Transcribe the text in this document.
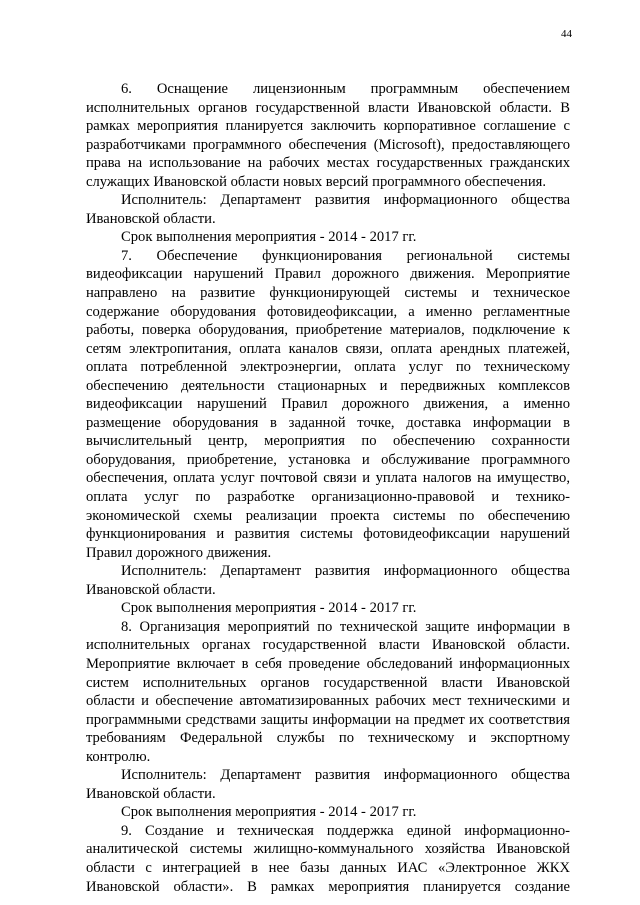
44

6. Оснащение лицензионным программным обеспечением исполнительных органов государственной власти Ивановской области. В рамках мероприятия планируется заключить корпоративное соглашение с разработчиками программного обеспечения (Microsoft), предоставляющего права на использование на рабочих местах государственных гражданских служащих Ивановской области новых версий программного обеспечения.

Исполнитель: Департамент развития информационного общества Ивановской области.

Срок выполнения мероприятия - 2014 - 2017 гг.

7. Обеспечение функционирования региональной системы видеофиксации нарушений Правил дорожного движения. Мероприятие направлено на развитие функционирующей системы и техническое содержание оборудования фотовидеофиксации, а именно регламентные работы, поверка оборудования, приобретение материалов, подключение к сетям электропитания, оплата каналов связи, оплата арендных платежей, оплата потребленной электроэнергии, оплата услуг по техническому обеспечению деятельности стационарных и передвижных комплексов видеофиксации нарушений Правил дорожного движения, а именно размещение оборудования в заданной точке, доставка информации в вычислительный центр, мероприятия по обеспечению сохранности оборудования, приобретение, установка и обслуживание программного обеспечения, оплата услуг почтовой связи и уплата налогов на имущество, оплата услуг по разработке организационно-правовой и технико-экономической схемы реализации проекта системы по обеспечению функционирования и развития системы фотовидеофиксации нарушений Правил дорожного движения.

Исполнитель: Департамент развития информационного общества Ивановской области.

Срок выполнения мероприятия - 2014 - 2017 гг.

8. Организация мероприятий по технической защите информации в исполнительных органах государственной власти Ивановской области. Мероприятие включает в себя проведение обследований информационных систем исполнительных органов государственной власти Ивановской области и обеспечение автоматизированных рабочих мест техническими и программными средствами защиты информации на предмет их соответствия требованиям Федеральной службы по техническому и экспортному контролю.

Исполнитель: Департамент развития информационного общества Ивановской области.

Срок выполнения мероприятия - 2014 - 2017 гг.

9. Создание и техническая поддержка единой информационно-аналитической системы жилищно-коммунального хозяйства Ивановской области с интеграцией в нее базы данных ИАС «Электронное ЖКХ Ивановской области». В рамках мероприятия планируется создание
